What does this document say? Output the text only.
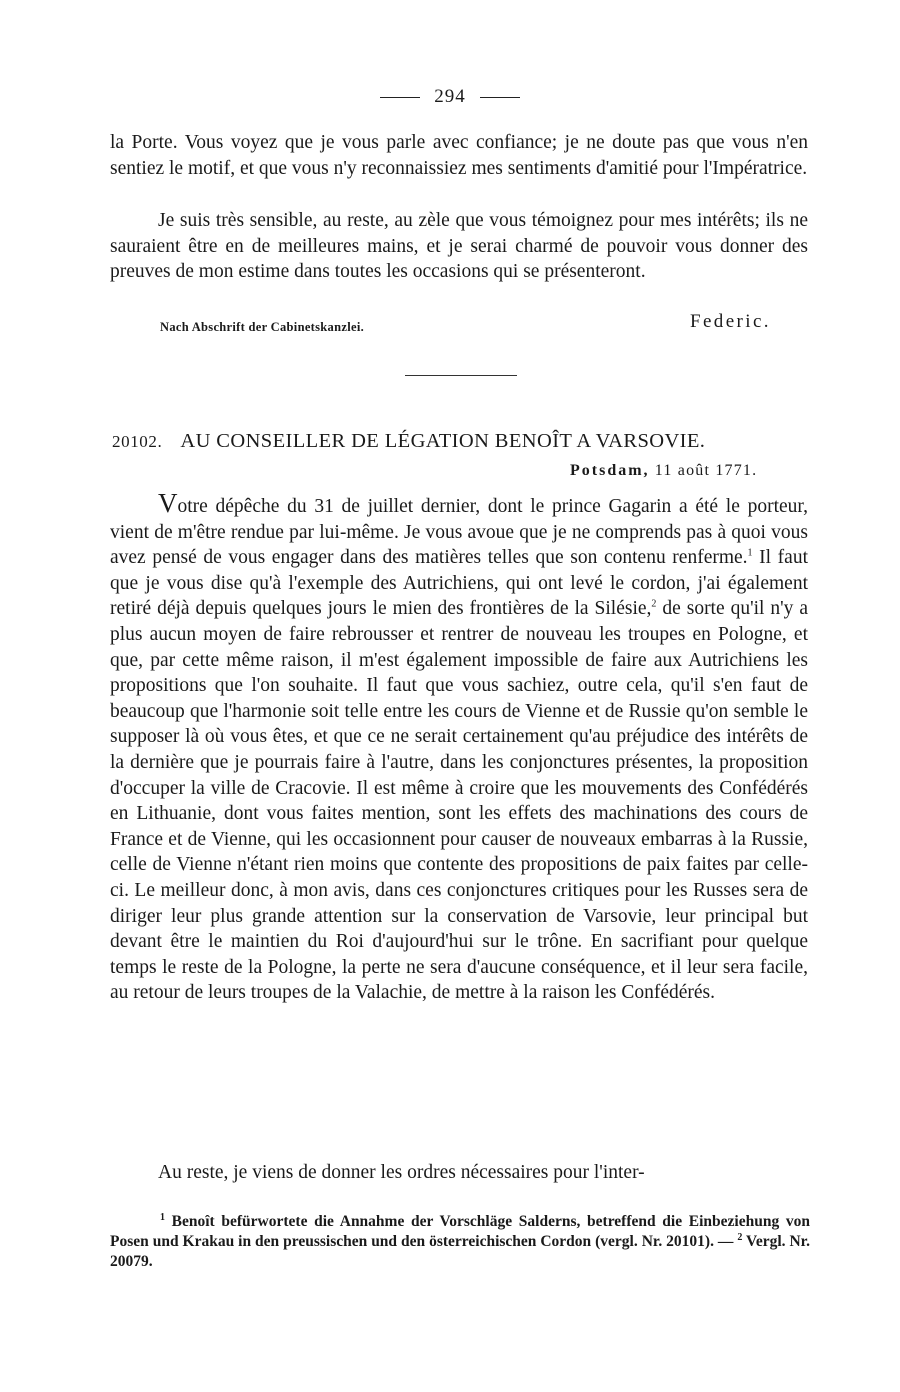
294
la Porte. Vous voyez que je vous parle avec confiance; je ne doute pas que vous n'en sentiez le motif, et que vous n'y reconnaissiez mes sentiments d'amitié pour l'Impératrice.
Je suis très sensible, au reste, au zèle que vous témoignez pour mes intérêts; ils ne sauraient être en de meilleures mains, et je serai charmé de pouvoir vous donner des preuves de mon estime dans toutes les occasions qui se présenteront.
Nach Abschrift der Cabinetskanzlei.	Federic.
20102. AU CONSEILLER DE LÉGATION BENOÎT A VARSOVIE.
Potsdam, 11 août 1771.
Votre dépêche du 31 de juillet dernier, dont le prince Gagarin a été le porteur, vient de m'être rendue par lui-même. Je vous avoue que je ne comprends pas à quoi vous avez pensé de vous engager dans des matières telles que son contenu renferme.$^1$ Il faut que je vous dise qu'à l'exemple des Autrichiens, qui ont levé le cordon, j'ai également retiré déjà depuis quelques jours le mien des frontières de la Silésie,$^2$ de sorte qu'il n'y a plus aucun moyen de faire rebrousser et rentrer de nouveau les troupes en Pologne, et que, par cette même raison, il m'est également impossible de faire aux Autrichiens les propositions que l'on souhaite. Il faut que vous sachiez, outre cela, qu'il s'en faut de beaucoup que l'harmonie soit telle entre les cours de Vienne et de Russie qu'on semble le supposer là où vous êtes, et que ce ne serait certainement qu'au préjudice des intérêts de la dernière que je pourrais faire à l'autre, dans les conjonctures présentes, la proposition d'occuper la ville de Cracovie. Il est même à croire que les mouvements des Confédérés en Lithuanie, dont vous faites mention, sont les effets des machinations des cours de France et de Vienne, qui les occasionnent pour causer de nouveaux embarras à la Russie, celle de Vienne n'étant rien moins que contente des propositions de paix faites par celle-ci. Le meilleur donc, à mon avis, dans ces conjonctures critiques pour les Russes sera de diriger leur plus grande attention sur la conservation de Varsovie, leur principal but devant être le maintien du Roi d'aujourd'hui sur le trône. En sacrifiant pour quelque temps le reste de la Pologne, la perte ne sera d'aucune conséquence, et il leur sera facile, au retour de leurs troupes de la Valachie, de mettre à la raison les Confédérés.
Au reste, je viens de donner les ordres nécessaires pour l'inter-
$^1$ Benoît befürwortete die Annahme der Vorschläge Salderns, betreffend die Einbeziehung von Posen und Krakau in den preussischen und den österreichischen Cordon (vergl. Nr. 20101). — $^2$ Vergl. Nr. 20079.
